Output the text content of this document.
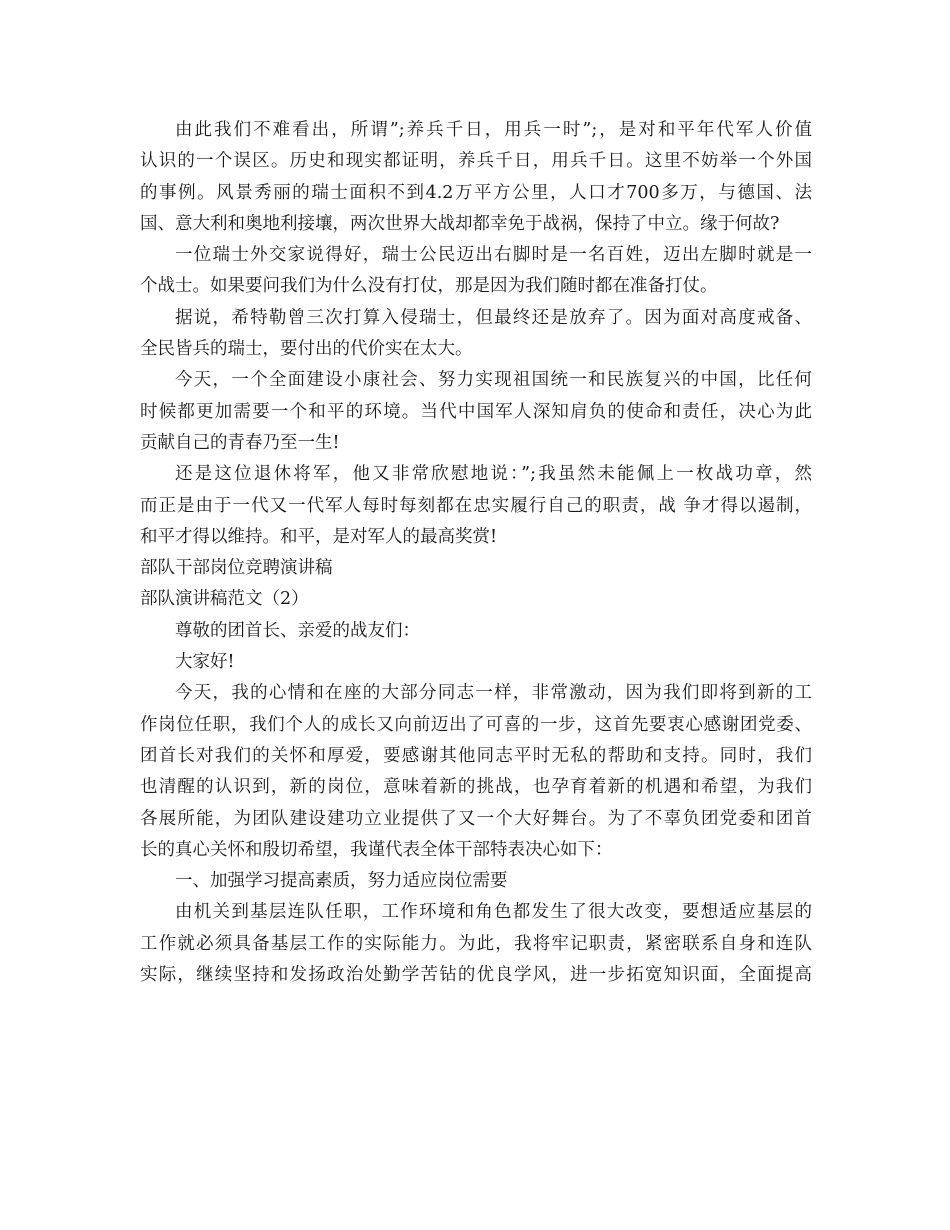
由此我们不难看出，所谓”;养兵千日，用兵一时”;，是对和平年代军人价值
认识的一个误区。历史和现实都证明，养兵千日，用兵千日。这里不妨举一个外国
的事例。风景秀丽的瑞士面积不到4.2万平方公里，人口才700多万，与德国、法
国、意大利和奥地利接壤，两次世界大战却都幸免于战祸，保持了中立。缘于何故?
一位瑞士外交家说得好，瑞士公民迈出右脚时是一名百姓，迈出左脚时就是一
个战士。如果要问我们为什么没有打仗，那是因为我们随时都在准备打仗。
据说，希特勒曾三次打算入侵瑞士，但最终还是放弃了。因为面对高度戒备、
全民皆兵的瑞士，要付出的代价实在太大。
今天，一个全面建设小康社会、努力实现祖国统一和民族复兴的中国，比任何
时候都更加需要一个和平的环境。当代中国军人深知肩负的使命和责任，决心为此
贡献自己的青春乃至一生!
还是这位退休将军，他又非常欣慰地说：”;我虽然未能佩上一枚战功章，然
而正是由于一代又一代军人每时每刻都在忠实履行自己的职责，战 争才得以遏制，
和平才得以维持。和平，是对军人的最高奖赏!
部队干部岗位竞聘演讲稿
部队演讲稿范文（2）
尊敬的团首长、亲爱的战友们：
大家好!
今天，我的心情和在座的大部分同志一样，非常激动，因为我们即将到新的工
作岗位任职，我们个人的成长又向前迈出了可喜的一步，这首先要衷心感谢团党委、
团首长对我们的关怀和厚爱，要感谢其他同志平时无私的帮助和支持。同时，我们
也清醒的认识到，新的岗位，意味着新的挑战，也孕育着新的机遇和希望，为我们
各展所能，为团队建设建功立业提供了又一个大好舞台。为了不辜负团党委和团首
长的真心关怀和殷切希望，我谨代表全体干部特表决心如下：
一、加强学习提高素质，努力适应岗位需要
由机关到基层连队任职，工作环境和角色都发生了很大改变，要想适应基层的
工作就必须具备基层工作的实际能力。为此，我将牢记职责，紧密联系自身和连队
实际，继续坚持和发扬政治处勤学苦钻的优良学风，进一步拓宽知识面，全面提高
